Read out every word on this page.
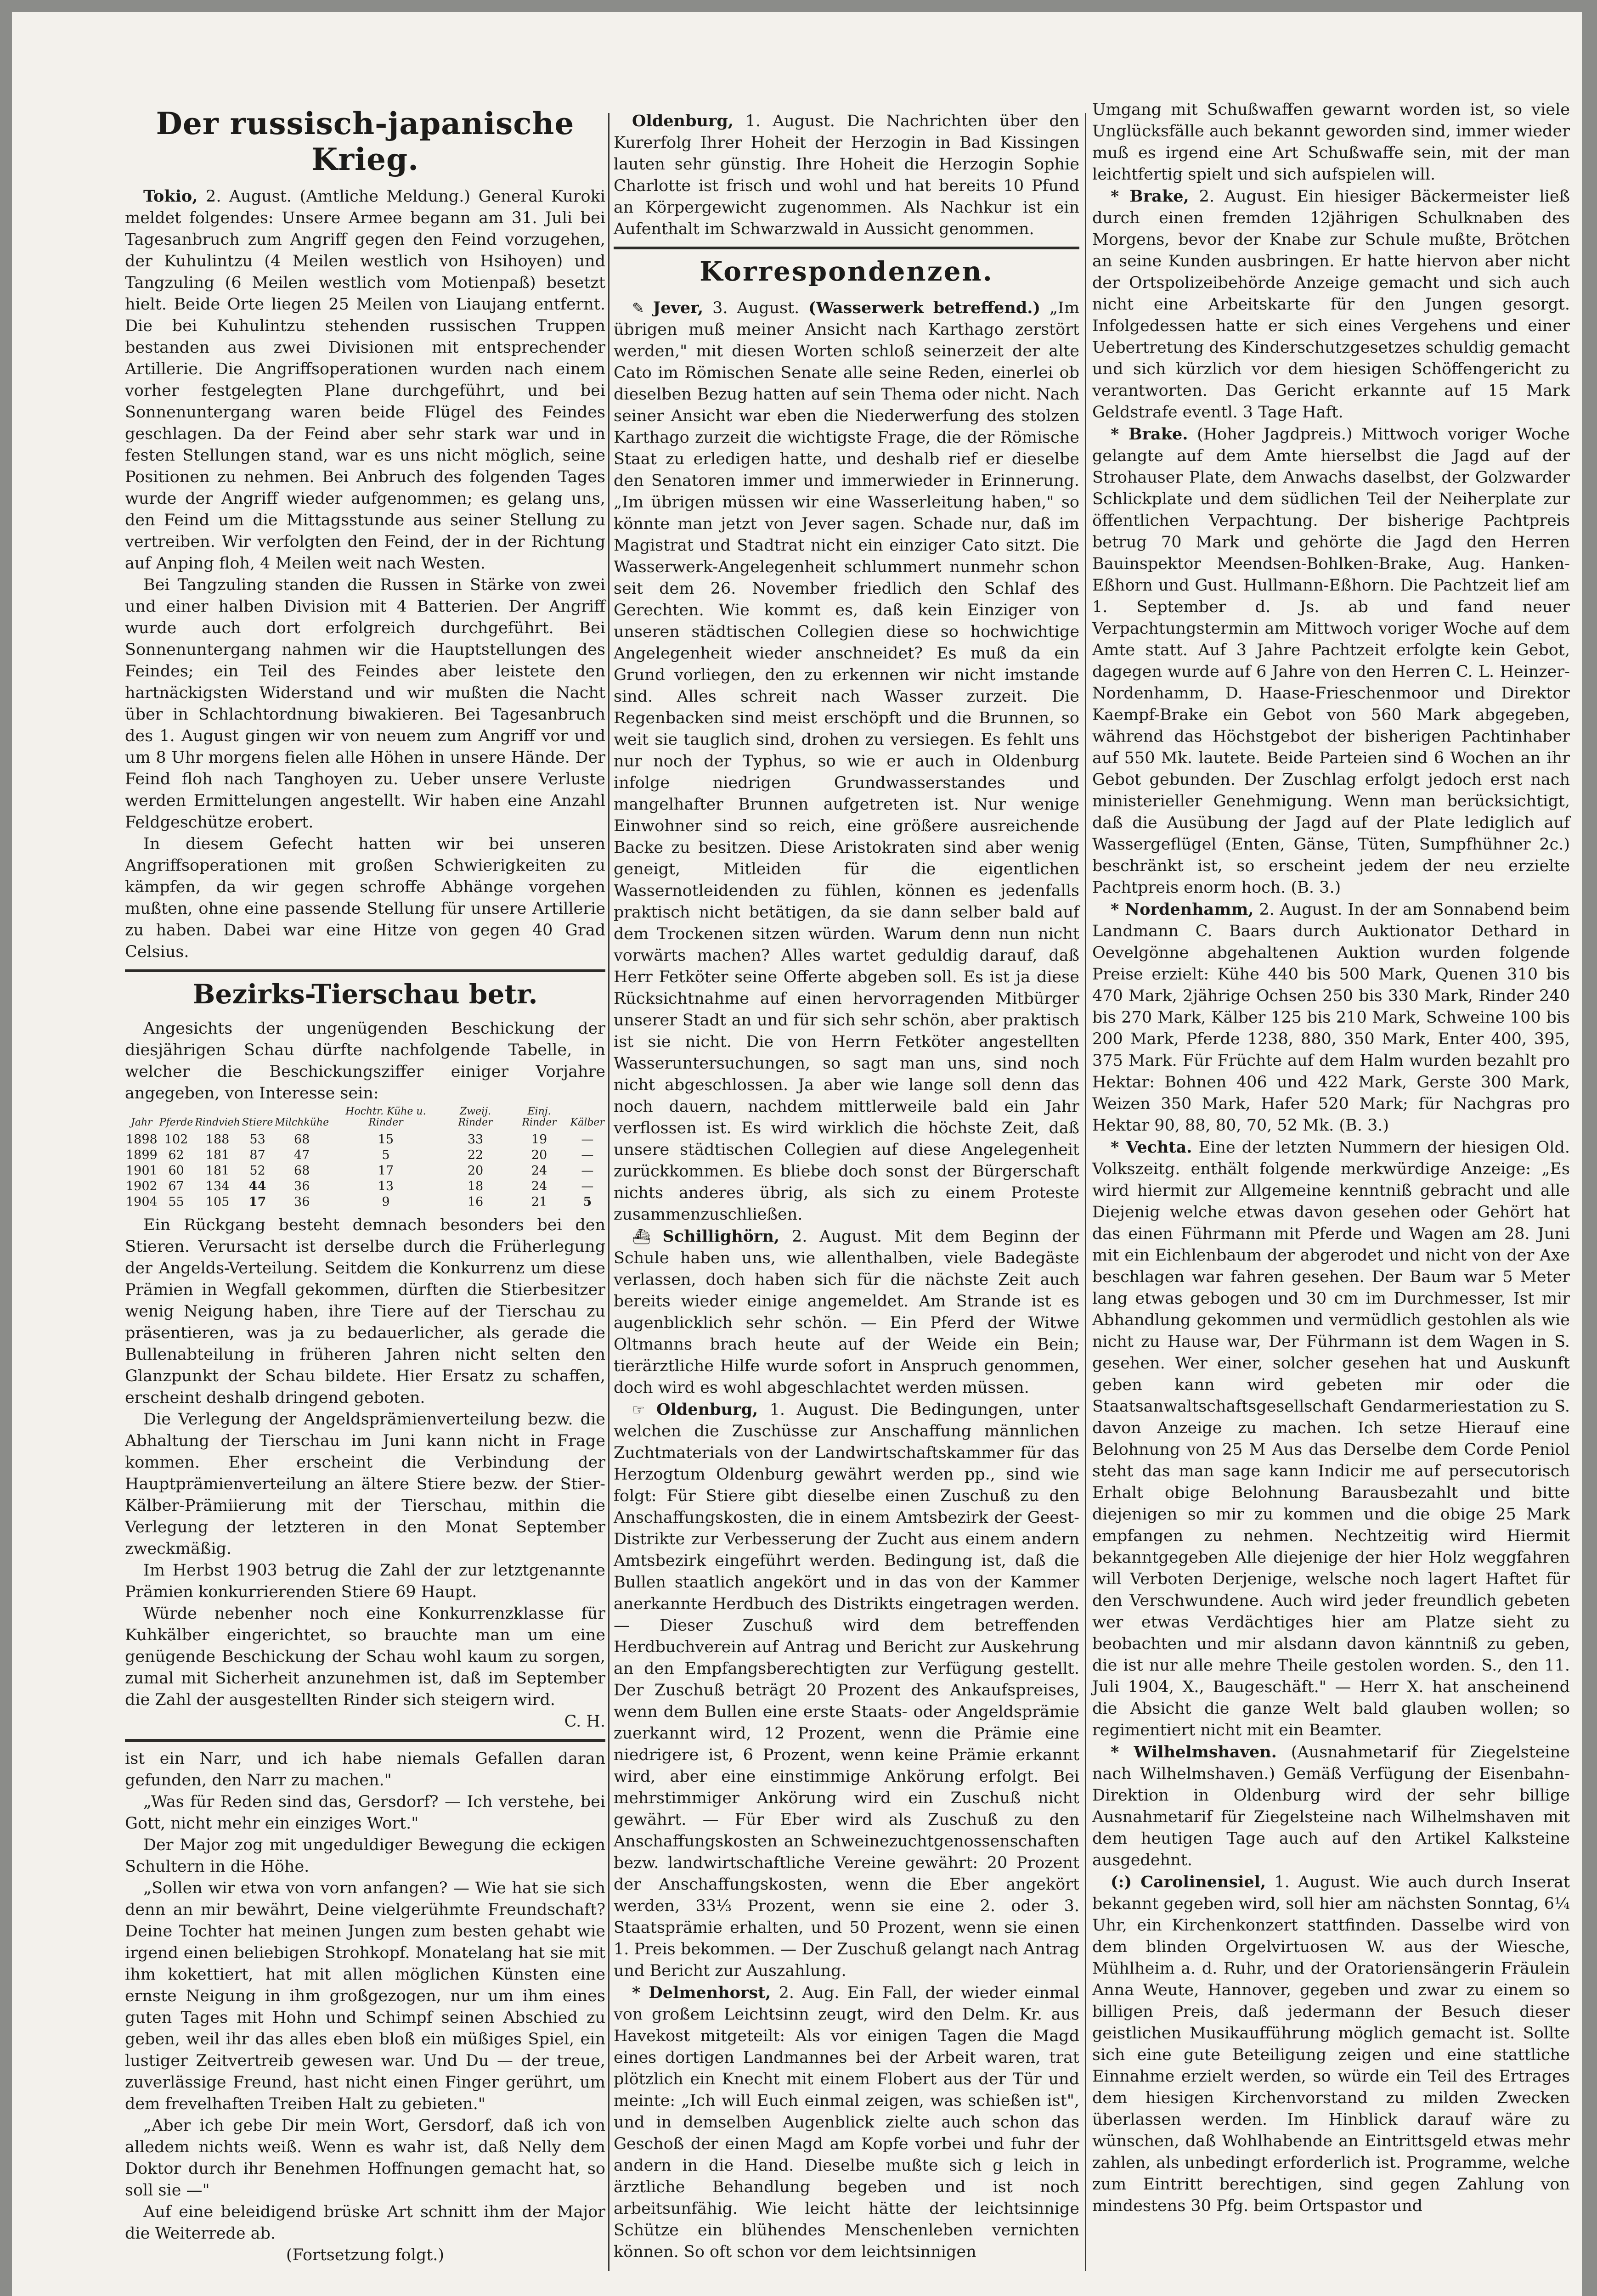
Der russisch-japanische Krieg.

Tokio, 2. August. (Amtliche Meldung.) General Kuroki meldet folgendes: Unsere Armee begann am 31. Juli bei Tagesanbruch zum Angriff gegen den Feind vorzugehen, der Kuhulintzu (4 Meilen westlich von Hsihoyen) und Tangzuling (6 Meilen westlich vom Motienpaß) besetzt hielt. Beide Orte liegen 25 Meilen von Liaujang entfernt. Die bei Kuhulintzu stehenden russischen Truppen bestanden aus zwei Divisionen mit entsprechender Artillerie. Die Angriffsoperationen wurden nach einem vorher festgelegten Plane durchgeführt, und bei Sonnenuntergang waren beide Flügel des Feindes geschlagen. Da der Feind aber sehr stark war und in festen Stellungen stand, war es uns nicht möglich, seine Positionen zu nehmen. Bei Anbruch des folgenden Tages wurde der Angriff wieder aufgenommen; es gelang uns, den Feind um die Mittagsstunde aus seiner Stellung zu vertreiben. Wir verfolgten den Feind, der in der Richtung auf Anping floh, 4 Meilen weit nach Westen.

Bei Tangzuling standen die Russen in Stärke von zwei und einer halben Division mit 4 Batterien. Der Angriff wurde auch dort erfolgreich durchgeführt. Bei Sonnenuntergang nahmen wir die Hauptstellungen des Feindes; ein Teil des Feindes aber leistete den hartnäckigsten Widerstand und wir mußten die Nacht über in Schlachtordnung biwakieren. Bei Tagesanbruch des 1. August gingen wir von neuem zum Angriff vor und um 8 Uhr morgens fielen alle Höhen in unsere Hände. Der Feind floh nach Tanghoyen zu. Ueber unsere Verluste werden Ermittelungen angestellt. Wir haben eine Anzahl Feldgeschütze erobert.

In diesem Gefecht hatten wir bei unseren Angriffsoperationen mit großen Schwierigkeiten zu kämpfen, da wir gegen schroffe Abhänge vorgehen mußten, ohne eine passende Stellung für unsere Artillerie zu haben. Dabei war eine Hitze von gegen 40 Grad Celsius.

Bezirks-Tierschau betr.

Angesichts der ungenügenden Beschickung der diesjährigen Schau dürfte nachfolgende Tabelle, in welcher die Beschickungsziffer einiger Vorjahre angegeben, von Interesse sein:

Jahr	Pferde	Rindvieh	Stiere	Milchkühe	Hochtr. Kühe u. Rinder	Zweij. Rinder	Einj. Rinder	Kälber
1898	102	188	53	68	15	33	19	—
1899	62	181	87	47	5	22	20	—
1901	60	181	52	68	17	20	24	—
1902	67	134	44	36	13	18	24	—
1904	55	105	17	36	9	16	21	5

Ein Rückgang besteht demnach besonders bei den Stieren. Verursacht ist derselbe durch die Früherlegung der Angelds-Verteilung. Seitdem die Konkurrenz um diese Prämien in Wegfall gekommen, dürften die Stierbesitzer wenig Neigung haben, ihre Tiere auf der Tierschau zu präsentieren, was ja zu bedauerlicher, als gerade die Bullenabteilung in früheren Jahren nicht selten den Glanzpunkt der Schau bildete. Hier Ersatz zu schaffen, erscheint deshalb dringend geboten.

Die Verlegung der Angeldsprämienverteilung bezw. die Abhaltung der Tierschau im Juni kann nicht in Frage kommen. Eher erscheint die Verbindung der Hauptprämienverteilung an ältere Stiere bezw. der Stier-Kälber-Prämiierung mit der Tierschau, mithin die Verlegung der letzteren in den Monat September zweckmäßig.

Im Herbst 1903 betrug die Zahl der zur letztgenannte Prämien konkurrierenden Stiere 69 Haupt.

Würde nebenher noch eine Konkurrenzklasse für Kuhkälber eingerichtet, so brauchte man um eine genügende Beschickung der Schau wohl kaum zu sorgen, zumal mit Sicherheit anzunehmen ist, daß im September die Zahl der ausgestellten Rinder sich steigern wird.

C. H.

ist ein Narr, und ich habe niemals Gefallen daran gefunden, den Narr zu machen."

„Was für Reden sind das, Gersdorf? — Ich verstehe, bei Gott, nicht mehr ein einziges Wort."

Der Major zog mit ungeduldiger Bewegung die eckigen Schultern in die Höhe.

„Sollen wir etwa von vorn anfangen? — Wie hat sie sich denn an mir bewährt, Deine vielgerühmte Freundschaft? Deine Tochter hat meinen Jungen zum besten gehabt wie irgend einen beliebigen Strohkopf. Monatelang hat sie mit ihm kokettiert, hat mit allen möglichen Künsten eine ernste Neigung in ihm großgezogen, nur um ihm eines guten Tages mit Hohn und Schimpf seinen Abschied zu geben, weil ihr das alles eben bloß ein müßiges Spiel, ein lustiger Zeitvertreib gewesen war. Und Du — der treue, zuverlässige Freund, hast nicht einen Finger gerührt, um dem frevelhaften Treiben Halt zu gebieten."

„Aber ich gebe Dir mein Wort, Gersdorf, daß ich von alledem nichts weiß. Wenn es wahr ist, daß Nelly dem Doktor durch ihr Benehmen Hoffnungen gemacht hat, so soll sie —"

Auf eine beleidigend brüske Art schnitt ihm der Major die Weiterrede ab.

(Fortsetzung folgt.)

Oldenburg, 1. August. Die Nachrichten über den Kurerfolg Ihrer Hoheit der Herzogin in Bad Kissingen lauten sehr günstig. Ihre Hoheit die Herzogin Sophie Charlotte ist frisch und wohl und hat bereits 10 Pfund an Körpergewicht zugenommen. Als Nachkur ist ein Aufenthalt im Schwarzwald in Aussicht genommen.

Korrespondenzen.

✎ Jever, 3. August. (Wasserwerk betreffend.) „Im übrigen muß meiner Ansicht nach Karthago zerstört werden," mit diesen Worten schloß seinerzeit der alte Cato im Römischen Senate alle seine Reden, einerlei ob dieselben Bezug hatten auf sein Thema oder nicht. Nach seiner Ansicht war eben die Niederwerfung des stolzen Karthago zurzeit die wichtigste Frage, die der Römische Staat zu erledigen hatte, und deshalb rief er dieselbe den Senatoren immer und immerwieder in Erinnerung. „Im übrigen müssen wir eine Wasserleitung haben," so könnte man jetzt von Jever sagen. Schade nur, daß im Magistrat und Stadtrat nicht ein einziger Cato sitzt. Die Wasserwerk-Angelegenheit schlummert nunmehr schon seit dem 26. November friedlich den Schlaf des Gerechten. Wie kommt es, daß kein Einziger von unseren städtischen Collegien diese so hochwichtige Angelegenheit wieder anschneidet? Es muß da ein Grund vorliegen, den zu erkennen wir nicht imstande sind. Alles schreit nach Wasser zurzeit. Die Regenbacken sind meist erschöpft und die Brunnen, so weit sie tauglich sind, drohen zu versiegen. Es fehlt uns nur noch der Typhus, so wie er auch in Oldenburg infolge niedrigen Grundwasserstandes und mangelhafter Brunnen aufgetreten ist. Nur wenige Einwohner sind so reich, eine größere ausreichende Backe zu besitzen. Diese Aristokraten sind aber wenig geneigt, Mitleiden für die eigentlichen Wassernotleidenden zu fühlen, können es jedenfalls praktisch nicht betätigen, da sie dann selber bald auf dem Trockenen sitzen würden. Warum denn nun nicht vorwärts machen? Alles wartet geduldig darauf, daß Herr Fetköter seine Offerte abgeben soll. Es ist ja diese Rücksichtnahme auf einen hervorragenden Mitbürger unserer Stadt an und für sich sehr schön, aber praktisch ist sie nicht. Die von Herrn Fetköter angestellten Wasseruntersuchungen, so sagt man uns, sind noch nicht abgeschlossen. Ja aber wie lange soll denn das noch dauern, nachdem mittlerweile bald ein Jahr verflossen ist. Es wird wirklich die höchste Zeit, daß unsere städtischen Collegien auf diese Angelegenheit zurückkommen. Es bliebe doch sonst der Bürgerschaft nichts anderes übrig, als sich zu einem Proteste zusammenzuschließen.

⛴ Schillighörn, 2. August. Mit dem Beginn der Schule haben uns, wie allenthalben, viele Badegäste verlassen, doch haben sich für die nächste Zeit auch bereits wieder einige angemeldet. Am Strande ist es augenblicklich sehr schön. — Ein Pferd der Witwe Oltmanns brach heute auf der Weide ein Bein; tierärztliche Hilfe wurde sofort in Anspruch genommen, doch wird es wohl abgeschlachtet werden müssen.

☞ Oldenburg, 1. August. Die Bedingungen, unter welchen die Zuschüsse zur Anschaffung männlichen Zuchtmaterials von der Landwirtschaftskammer für das Herzogtum Oldenburg gewährt werden pp., sind wie folgt: Für Stiere gibt dieselbe einen Zuschuß zu den Anschaffungskosten, die in einem Amtsbezirk der Geest-Distrikte zur Verbesserung der Zucht aus einem andern Amtsbezirk eingeführt werden. Bedingung ist, daß die Bullen staatlich angekört und in das von der Kammer anerkannte Herdbuch des Distrikts eingetragen werden. — Dieser Zuschuß wird dem betreffenden Herdbuchverein auf Antrag und Bericht zur Auskehrung an den Empfangsberechtigten zur Verfügung gestellt. Der Zuschuß beträgt 20 Prozent des Ankaufspreises, wenn dem Bullen eine erste Staats- oder Angeldsprämie zuerkannt wird, 12 Prozent, wenn die Prämie eine niedrigere ist, 6 Prozent, wenn keine Prämie erkannt wird, aber eine einstimmige Ankörung erfolgt. Bei mehrstimmiger Ankörung wird ein Zuschuß nicht gewährt. — Für Eber wird als Zuschuß zu den Anschaffungskosten an Schweinezuchtgenossenschaften bezw. landwirtschaftliche Vereine gewährt: 20 Prozent der Anschaffungskosten, wenn die Eber angekört werden, 33⅓ Prozent, wenn sie eine 2. oder 3. Staatsprämie erhalten, und 50 Prozent, wenn sie einen 1. Preis bekommen. — Der Zuschuß gelangt nach Antrag und Bericht zur Auszahlung.

* Delmenhorst, 2. Aug. Ein Fall, der wieder einmal von großem Leichtsinn zeugt, wird den Delm. Kr. aus Havekost mitgeteilt: Als vor einigen Tagen die Magd eines dortigen Landmannes bei der Arbeit waren, trat plötzlich ein Knecht mit einem Flobert aus der Tür und meinte: „Ich will Euch einmal zeigen, was schießen ist", und in demselben Augenblick zielte auch schon das Geschoß der einen Magd am Kopfe vorbei und fuhr der andern in die Hand. Dieselbe mußte sich g leich in ärztliche Behandlung begeben und ist noch arbeitsunfähig. Wie leicht hätte der leichtsinnige Schütze ein blühendes Menschenleben vernichten können. So oft schon vor dem leichtsinnigen

Umgang mit Schußwaffen gewarnt worden ist, so viele Unglücksfälle auch bekannt geworden sind, immer wieder muß es irgend eine Art Schußwaffe sein, mit der man leichtfertig spielt und sich aufspielen will.

* Brake, 2. August. Ein hiesiger Bäckermeister ließ durch einen fremden 12jährigen Schulknaben des Morgens, bevor der Knabe zur Schule mußte, Brötchen an seine Kunden ausbringen. Er hatte hiervon aber nicht der Ortspolizeibehörde Anzeige gemacht und sich auch nicht eine Arbeitskarte für den Jungen gesorgt. Infolgedessen hatte er sich eines Vergehens und einer Uebertretung des Kinderschutzgesetzes schuldig gemacht und sich kürzlich vor dem hiesigen Schöffengericht zu verantworten. Das Gericht erkannte auf 15 Mark Geldstrafe eventl. 3 Tage Haft.

* Brake. (Hoher Jagdpreis.) Mittwoch voriger Woche gelangte auf dem Amte hierselbst die Jagd auf der Strohauser Plate, dem Anwachs daselbst, der Golzwarder Schlickplate und dem südlichen Teil der Neiherplate zur öffentlichen Verpachtung. Der bisherige Pachtpreis betrug 70 Mark und gehörte die Jagd den Herren Bauinspektor Meendsen-Bohlken-Brake, Aug. Hanken-Eßhorn und Gust. Hullmann-Eßhorn. Die Pachtzeit lief am 1. September d. Js. ab und fand neuer Verpachtungstermin am Mittwoch voriger Woche auf dem Amte statt. Auf 3 Jahre Pachtzeit erfolgte kein Gebot, dagegen wurde auf 6 Jahre von den Herren C. L. Heinzer-Nordenhamm, D. Haase-Frieschenmoor und Direktor Kaempf-Brake ein Gebot von 560 Mark abgegeben, während das Höchstgebot der bisherigen Pachtinhaber auf 550 Mk. lautete. Beide Parteien sind 6 Wochen an ihr Gebot gebunden. Der Zuschlag erfolgt jedoch erst nach ministerieller Genehmigung. Wenn man berücksichtigt, daß die Ausübung der Jagd auf der Plate lediglich auf Wassergeflügel (Enten, Gänse, Tüten, Sumpfhühner 2c.) beschränkt ist, so erscheint jedem der neu erzielte Pachtpreis enorm hoch. (B. 3.)

* Nordenhamm, 2. August. In der am Sonnabend beim Landmann C. Baars durch Auktionator Dethard in Oevelgönne abgehaltenen Auktion wurden folgende Preise erzielt: Kühe 440 bis 500 Mark, Quenen 310 bis 470 Mark, 2jährige Ochsen 250 bis 330 Mark, Rinder 240 bis 270 Mark, Kälber 125 bis 210 Mark, Schweine 100 bis 200 Mark, Pferde 1238, 880, 350 Mark, Enter 400, 395, 375 Mark. Für Früchte auf dem Halm wurden bezahlt pro Hektar: Bohnen 406 und 422 Mark, Gerste 300 Mark, Weizen 350 Mark, Hafer 520 Mark; für Nachgras pro Hektar 90, 88, 80, 70, 52 Mk. (B. 3.)

* Vechta. Eine der letzten Nummern der hiesigen Old. Volkszeitg. enthält folgende merkwürdige Anzeige: „Es wird hiermit zur Allgemeine kenntniß gebracht und alle Diejenig welche etwas davon gesehen oder Gehört hat das einen Führmann mit Pferde und Wagen am 28. Juni mit ein Eichlenbaum der abgerodet und nicht von der Axe beschlagen war fahren gesehen. Der Baum war 5 Meter lang etwas gebogen und 30 cm im Durchmesser, Ist mir Abhandlung gekommen und vermüdlich gestohlen als wie nicht zu Hause war, Der Führmann ist dem Wagen in S. gesehen. Wer einer, solcher gesehen hat und Auskunft geben kann wird gebeten mir oder die Staatsanwaltschaftsgesellschaft Gendarmeriestation zu S. davon Anzeige zu machen. Ich setze Hierauf eine Belohnung von 25 M Aus das Derselbe dem Corde Peniol steht das man sage kann Indicir me auf persecutorisch Erhalt obige Belohnung Barausbezahlt und bitte diejenigen so mir zu kommen und die obige 25 Mark empfangen zu nehmen. Nechtzeitig wird Hiermit bekanntgegeben Alle diejenige der hier Holz weggfahren will Verboten Derjenige, welsche noch lagert Haftet für den Verschwundene. Auch wird jeder freundlich gebeten wer etwas Verdächtiges hier am Platze sieht zu beobachten und mir alsdann davon känntniß zu geben, die ist nur alle mehre Theile gestolen worden. S., den 11. Juli 1904, X., Baugeschäft." — Herr X. hat anscheinend die Absicht die ganze Welt bald glauben wollen; so regimentiert nicht mit ein Beamter.

* Wilhelmshaven. (Ausnahmetarif für Ziegelsteine nach Wilhelmshaven.) Gemäß Verfügung der Eisenbahn-Direktion in Oldenburg wird der sehr billige Ausnahmetarif für Ziegelsteine nach Wilhelmshaven mit dem heutigen Tage auch auf den Artikel Kalksteine ausgedehnt.

(:) Carolinensiel, 1. August. Wie auch durch Inserat bekannt gegeben wird, soll hier am nächsten Sonntag, 6¼ Uhr, ein Kirchenkonzert stattfinden. Dasselbe wird von dem blinden Orgelvirtuosen W. aus der Wiesche, Mühlheim a. d. Ruhr, und der Oratoriensängerin Fräulein Anna Weute, Hannover, gegeben und zwar zu einem so billigen Preis, daß jedermann der Besuch dieser geistlichen Musikaufführung möglich gemacht ist. Sollte sich eine gute Beteiligung zeigen und eine stattliche Einnahme erzielt werden, so würde ein Teil des Ertrages dem hiesigen Kirchenvorstand zu milden Zwecken überlassen werden. Im Hinblick darauf wäre zu wünschen, daß Wohlhabende an Eintrittsgeld etwas mehr zahlen, als unbedingt erforderlich ist. Programme, welche zum Eintritt berechtigen, sind gegen Zahlung von mindestens 30 Pfg. beim Ortspastor und
